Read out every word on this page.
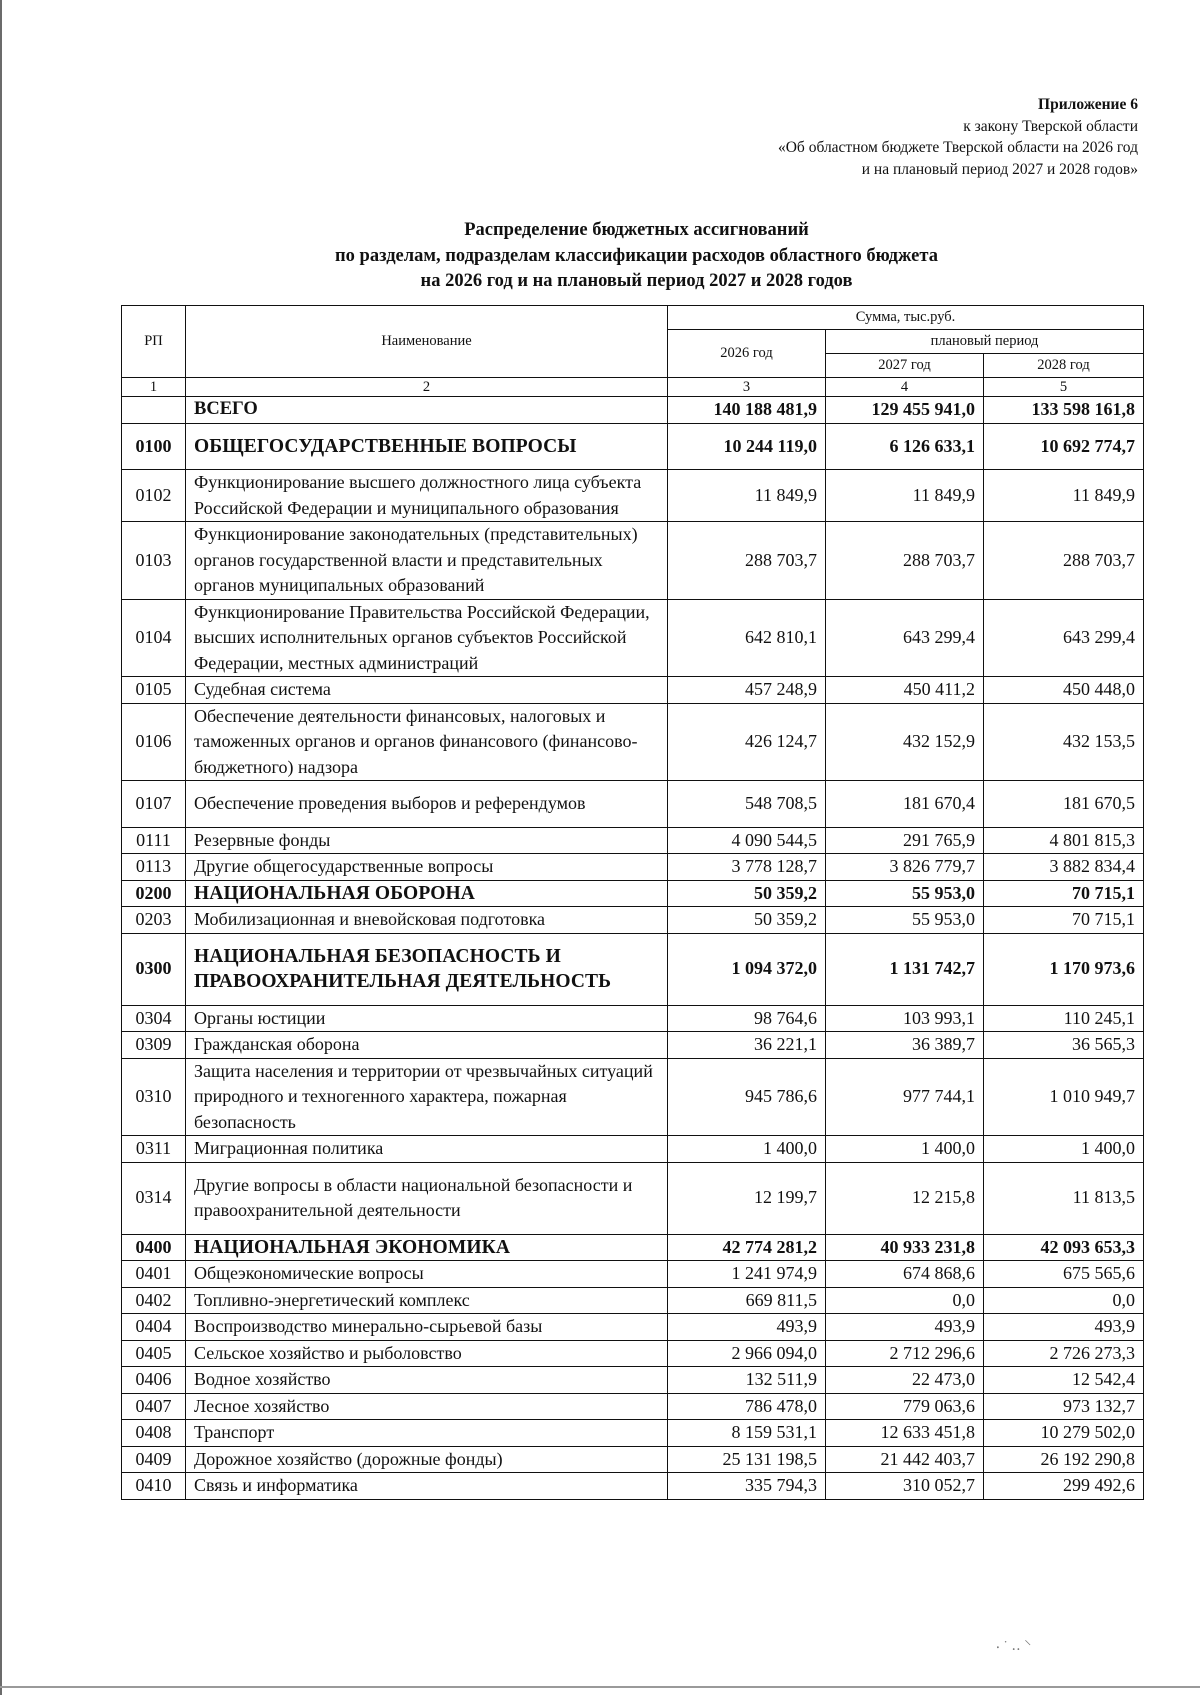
Приложение 6
к закону Тверской области
«Об областном бюджете Тверской области на 2026 год
и на плановый период 2027 и 2028 годов»
Распределение бюджетных ассигнований
по разделам, подразделам классификации расходов областного бюджета
на 2026 год и на плановый период 2027 и 2028 годов
РП	Наименование	Сумма, тыс.руб.		
		2026 год	плановый период	
			2027 год	2028 год
1	2	3	4	5
	ВСЕГО	140 188 481,9	129 455 941,0	133 598 161,8
0100	ОБЩЕГОСУДАРСТВЕННЫЕ ВОПРОСЫ	10 244 119,0	6 126 633,1	10 692 774,7
0102	Функционирование высшего должностного лица субъекта Российской Федерации и муниципального образования	11 849,9	11 849,9	11 849,9
0103	Функционирование законодательных (представительных) органов государственной власти и представительных органов муниципальных образований	288 703,7	288 703,7	288 703,7
0104	Функционирование Правительства Российской Федерации, высших исполнительных органов субъектов Российской Федерации, местных администраций	642 810,1	643 299,4	643 299,4
0105	Судебная система	457 248,9	450 411,2	450 448,0
0106	Обеспечение деятельности финансовых, налоговых и таможенных органов и органов финансового (финансово-бюджетного) надзора	426 124,7	432 152,9	432 153,5
0107	Обеспечение проведения выборов и референдумов	548 708,5	181 670,4	181 670,5
0111	Резервные фонды	4 090 544,5	291 765,9	4 801 815,3
0113	Другие общегосударственные вопросы	3 778 128,7	3 826 779,7	3 882 834,4
0200	НАЦИОНАЛЬНАЯ ОБОРОНА	50 359,2	55 953,0	70 715,1
0203	Мобилизационная и вневойсковая подготовка	50 359,2	55 953,0	70 715,1
0300	НАЦИОНАЛЬНАЯ БЕЗОПАСНОСТЬ И ПРАВООХРАНИТЕЛЬНАЯ ДЕЯТЕЛЬНОСТЬ	1 094 372,0	1 131 742,7	1 170 973,6
0304	Органы юстиции	98 764,6	103 993,1	110 245,1
0309	Гражданская оборона	36 221,1	36 389,7	36 565,3
0310	Защита населения и территории от чрезвычайных ситуаций природного и техногенного характера, пожарная безопасность	945 786,6	977 744,1	1 010 949,7
0311	Миграционная политика	1 400,0	1 400,0	1 400,0
0314	Другие вопросы в области национальной безопасности и правоохранительной деятельности	12 199,7	12 215,8	11 813,5
0400	НАЦИОНАЛЬНАЯ ЭКОНОМИКА	42 774 281,2	40 933 231,8	42 093 653,3
0401	Общеэкономические вопросы	1 241 974,9	674 868,6	675 565,6
0402	Топливно-энергетический комплекс	669 811,5	0,0	0,0
0404	Воспроизводство минерально-сырьевой базы	493,9	493,9	493,9
0405	Сельское хозяйство и рыболовство	2 966 094,0	2 712 296,6	2 726 273,3
0406	Водное хозяйство	132 511,9	22 473,0	12 542,4
0407	Лесное хозяйство	786 478,0	779 063,6	973 132,7
0408	Транспорт	8 159 531,1	12 633 451,8	10 279 502,0
0409	Дорожное хозяйство (дорожные фонды)	25 131 198,5	21 442 403,7	26 192 290,8
0410	Связь и информатика	335 794,3	310 052,7	299 492,6
⸳ ˙ ‥ ⸌
